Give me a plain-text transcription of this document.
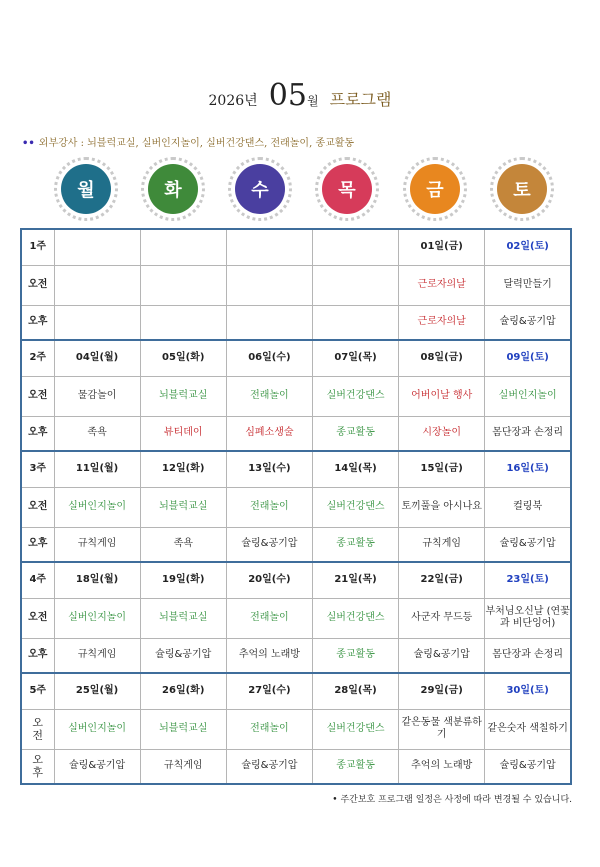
2026년 05월 프로그램
•• 외부강사 : 뇌블럭교실, 실버인지놀이, 실버건강댄스, 전래놀이, 종교활동
월	화	수	목	금	토
1주					01일(금)	02일(토)
오전					근로자의날	달력만들기
오후					근로자의날	슐링&공기압
2주	04일(월)	05일(화)	06일(수)	07일(목)	08일(금)	09일(토)
오전	물감놀이	뇌블럭교실	전래놀이	실버건강댄스	어버이날 행사	실버인지놀이
오후	족욕	뷰티데이	심폐소생술	종교활동	시장놀이	몸단장과 손정리
3주	11일(월)	12일(화)	13일(수)	14일(목)	15일(금)	16일(토)
오전	실버인지놀이	뇌블럭교실	전래놀이	실버건강댄스	토끼풀을 아시나요	컬링북
오후	규칙게임	족욕	슐링&공기압	종교활동	규칙게임	슐링&공기압
4주	18일(월)	19일(화)	20일(수)	21일(목)	22일(금)	23일(토)
오전	실버인지놀이	뇌블럭교실	전래놀이	실버건강댄스	사군자 무드등	부처님오신날 (연꽃과 비단잉어)
오후	규칙게임	슐링&공기압	추억의 노래방	종교활동	슐링&공기압	몸단장과 손정리
5주	25일(월)	26일(화)	27일(수)	28일(목)	29일(금)	30일(토)
오전	실버인지놀이	뇌블럭교실	전래놀이	실버건강댄스	같은동물 색분류하기	같은숫자 색칠하기
오후	슐링&공기압	규칙게임	슐링&공기압	종교활동	추억의 노래방	슐링&공기압
• 주간보호 프로그램 일정은 사정에 따라 변경될 수 있습니다.
